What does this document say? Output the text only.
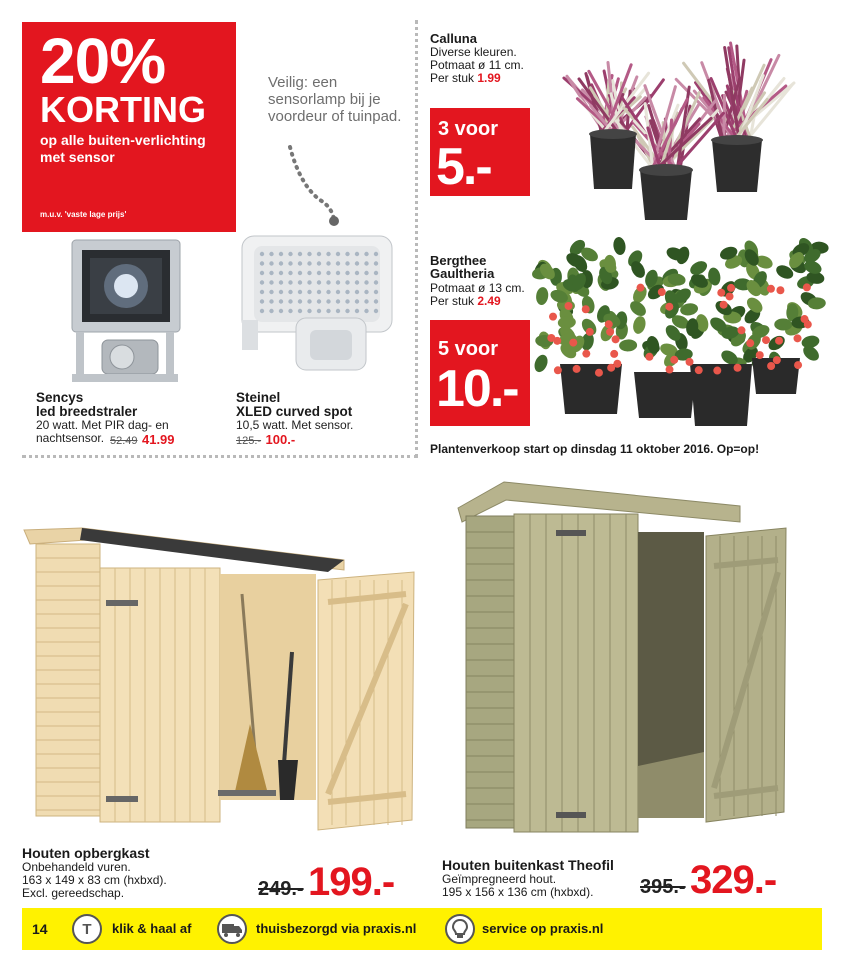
20%
KORTING
op alle buiten-verlichting met sensor
m.u.v. 'vaste lage prijs'
Veilig: een sensorlamp bij je voordeur of tuinpad.
Sencys
led breedstraler
20 watt. Met PIR dag- en nachtsensor. 52.49 41.99
Steinel
XLED curved spot
10,5 watt. Met sensor.
125.- 100.-
Calluna
Diverse kleuren.
Potmaat ø 11 cm.
Per stuk 1.99
3 voor
5.-
Bergthee
Gaultheria
Potmaat ø 13 cm.
Per stuk 2.49
5 voor
10.-
Plantenverkoop start op dinsdag 11 oktober 2016. Op=op!
Houten opbergkast
Onbehandeld vuren.
163 x 149 x 83 cm (hxbxd).
Excl. gereedschap.	249.- 199.-	Houten buitenkast Theofil
Geïmpregneerd hout.
195 x 156 x 136 cm (hxbxd). 395.- 329.-
14 T klik & haal af	thuisbezorgd via praxis.nl	service op praxis.nl
